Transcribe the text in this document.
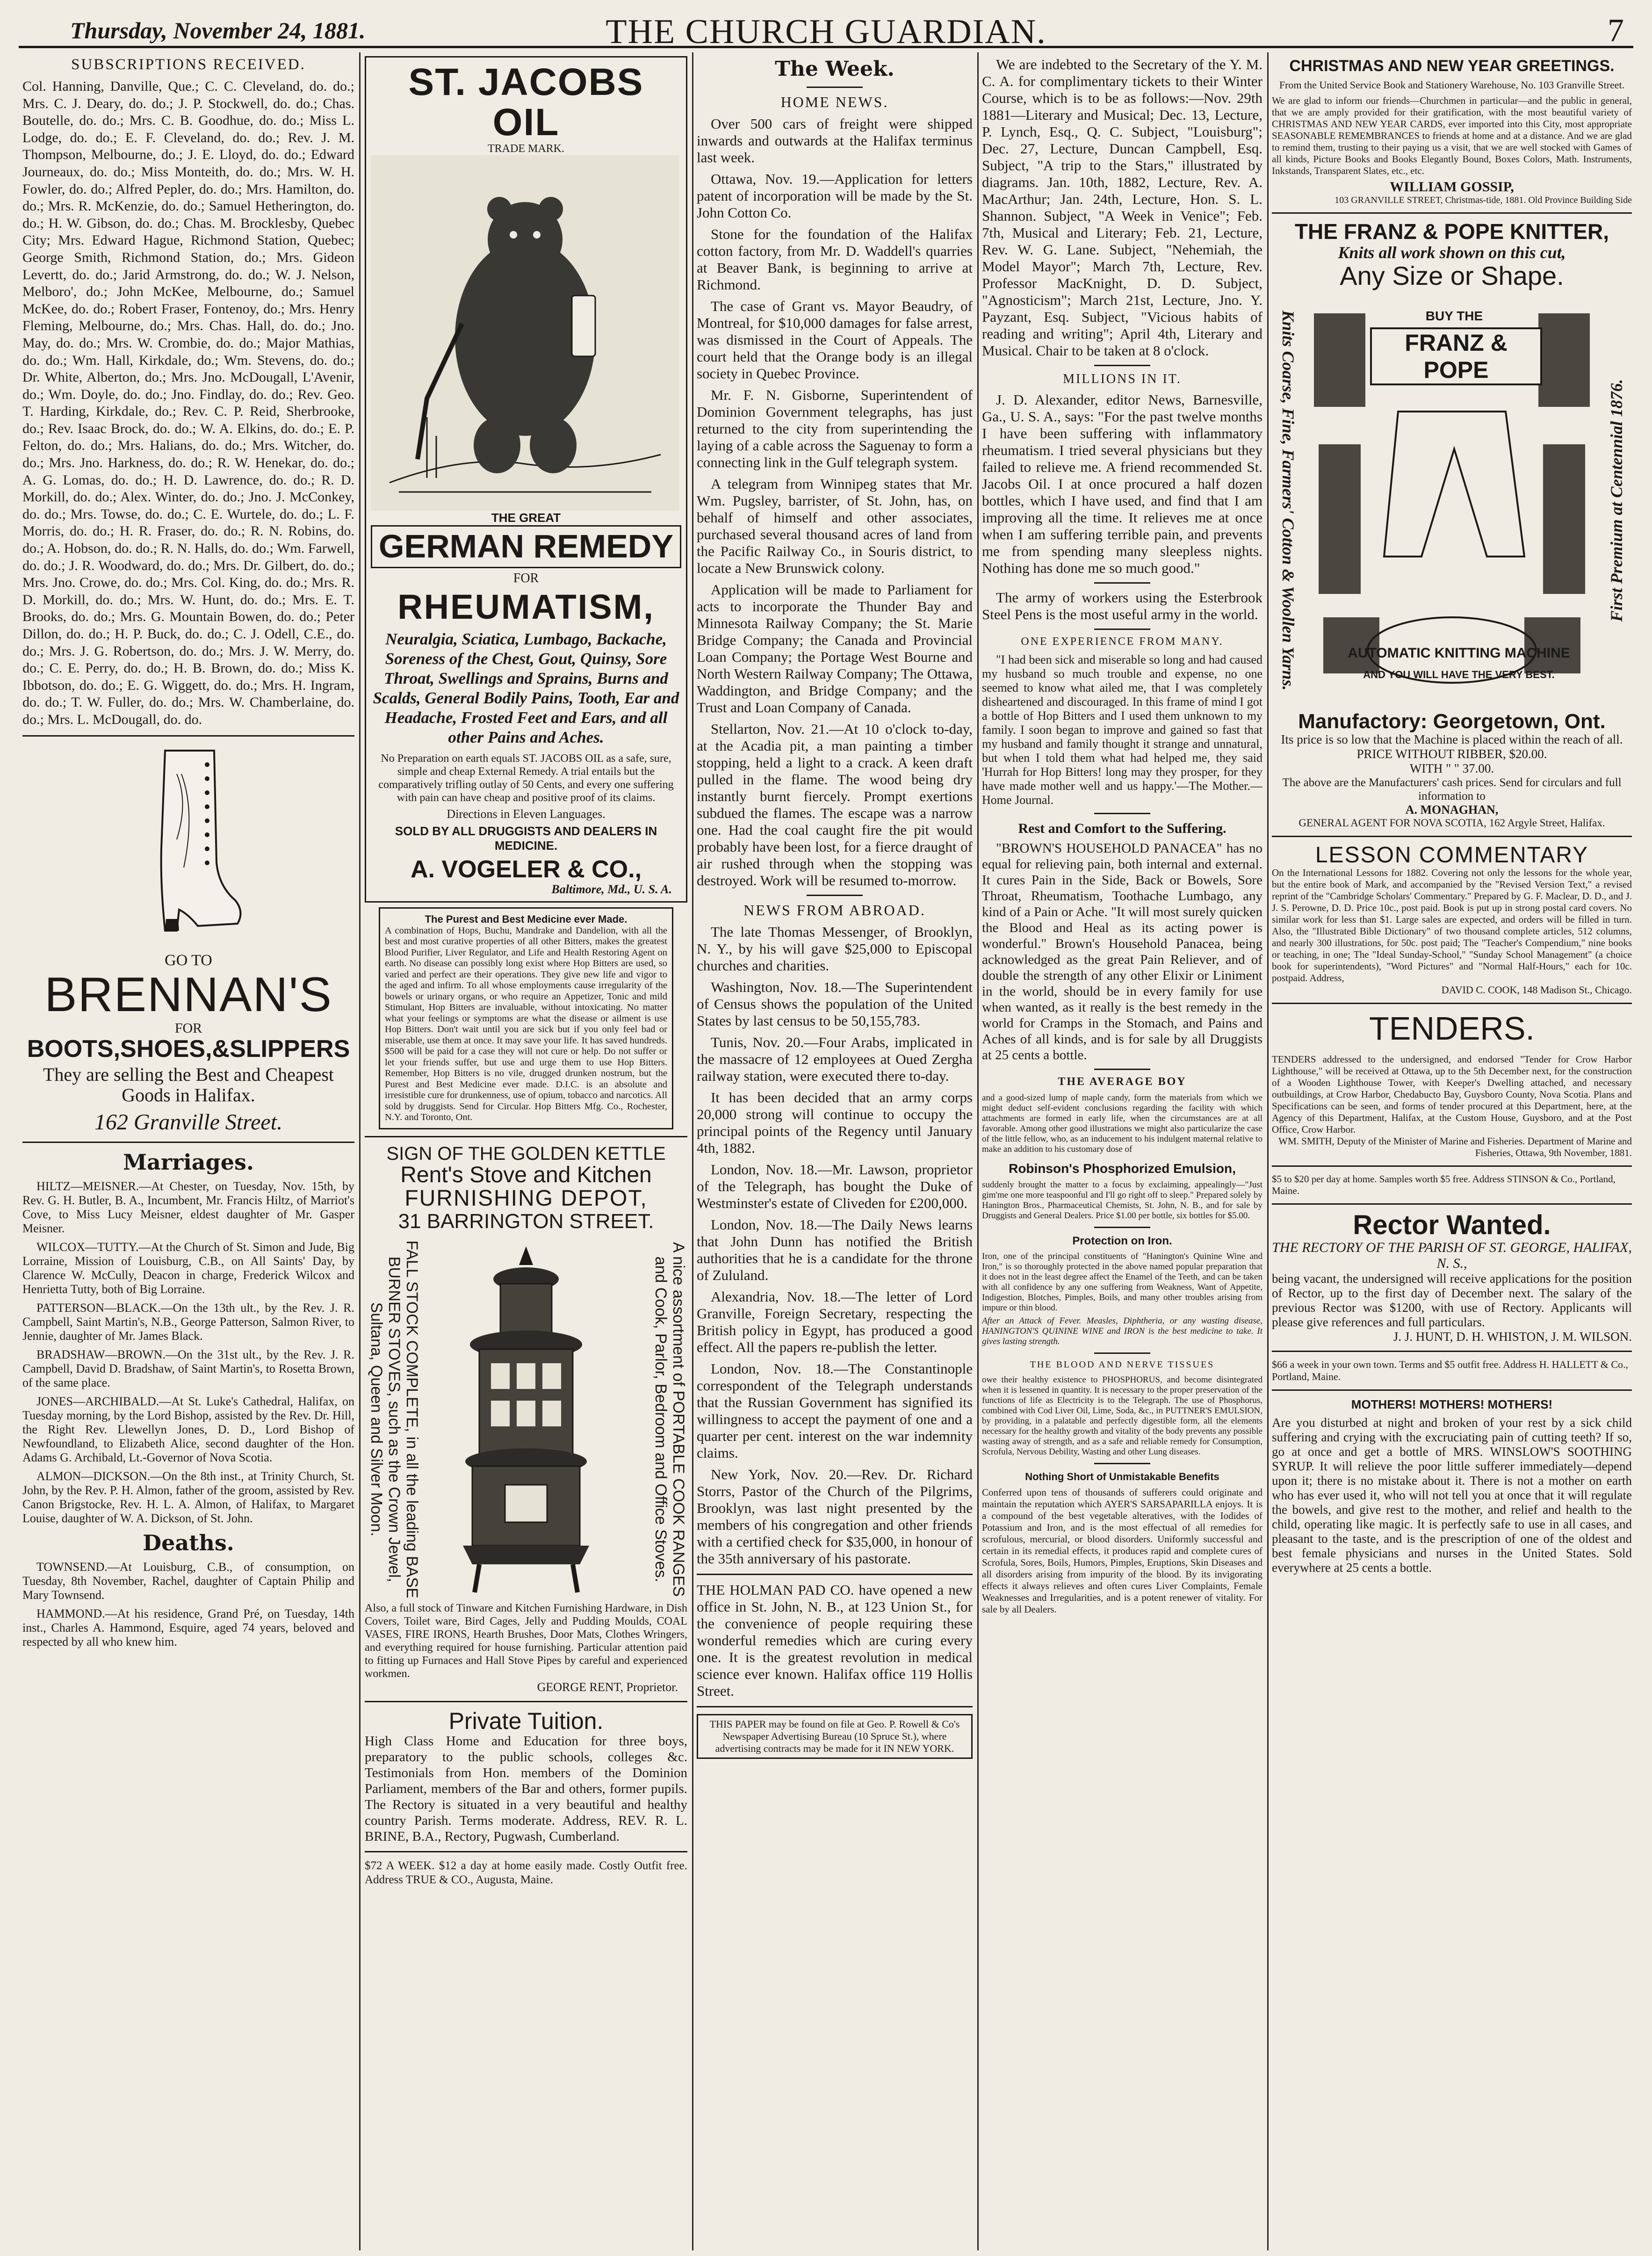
Thursday, November 24, 1881.	THE CHURCH GUARDIAN.	7
SUBSCRIPTIONS RECEIVED.
Col. Hanning, Danville, Que.; C. C. Cleveland, do. do.; Mrs. C. J. Deary, do. do.; J. P. Stockwell, do. do.; Chas. Boutelle, do. do.; Mrs. C. B. Goodhue, do. do.; Miss L. Lodge, do. do.; E. F. Cleveland, do. do.; Rev. J. M. Thompson, Melbourne, do.; J. E. Lloyd, do. do.; Edward Journeaux, do. do.; Miss Monteith, do. do.; Mrs. W. H. Fowler, do. do.; Alfred Pepler, do. do.; Mrs. Hamilton, do. do.; Mrs. R. McKenzie, do. do.; Samuel Hetherington, do. do.; H. W. Gibson, do. do.; Chas. M. Brocklesby, Quebec City; Mrs. Edward Hague, Richmond Station, Quebec; George Smith, Richmond Station, do.; Mrs. Gideon Levertt, do. do.; Jarid Armstrong, do. do.; W. J. Nelson, Melboro', do.; John McKee, Melbourne, do.; Samuel McKee, do. do.; Robert Fraser, Fontenoy, do.; Mrs. Henry Fleming, Melbourne, do.; Mrs. Chas. Hall, do. do.; Jno. May, do. do.; Mrs. W. Crombie, do. do.; Major Mathias, do. do.; Wm. Hall, Kirkdale, do.; Wm. Stevens, do. do.; Dr. White, Alberton, do.; Mrs. Jno. McDougall, L'Avenir, do.; Wm. Doyle, do. do.; Jno. Findlay, do. do.; Rev. Geo. T. Harding, Kirkdale, do.; Rev. C. P. Reid, Sherbrooke, do.; Rev. Isaac Brock, do. do.; W. A. Elkins, do. do.; E. P. Felton, do. do.; Mrs. Halians, do. do.; Mrs. Witcher, do. do.; Mrs. Jno. Harkness, do. do.; R. W. Henekar, do. do.; A. G. Lomas, do. do.; H. D. Lawrence, do. do.; R. D. Morkill, do. do.; Alex. Winter, do. do.; Jno. J. McConkey, do. do.; Mrs. Towse, do. do.; C. E. Wurtele, do. do.; L. F. Morris, do. do.; H. R. Fraser, do. do.; R. N. Robins, do. do.; A. Hobson, do. do.; R. N. Halls, do. do.; Wm. Farwell, do. do.; J. R. Woodward, do. do.; Mrs. Dr. Gilbert, do. do.; Mrs. Jno. Crowe, do. do.; Mrs. Col. King, do. do.; Mrs. R. D. Morkill, do. do.; Mrs. W. Hunt, do. do.; Mrs. E. T. Brooks, do. do.; Mrs. G. Mountain Bowen, do. do.; Peter Dillon, do. do.; H. P. Buck, do. do.; C. J. Odell, C.E., do. do.; Mrs. J. G. Robertson, do. do.; Mrs. J. W. Merry, do. do.; C. E. Perry, do. do.; H. B. Brown, do. do.; Miss K. Ibbotson, do. do.; E. G. Wiggett, do. do.; Mrs. H. Ingram, do. do.; T. W. Fuller, do. do.; Mrs. W. Chamberlaine, do. do.; Mrs. L. McDougall, do. do.
GO TO
BRENNAN'S
FOR
BOOTS,SHOES,&SLIPPERS
They are selling the Best and Cheapest Goods in Halifax.
162 Granville Street.
Marriages.

HILTZ—MEISNER.—At Chester, on Tuesday, Nov. 15th, by Rev. G. H. Butler, B. A., Incumbent, Mr. Francis Hiltz, of Marriot's Cove, to Miss Lucy Meisner, eldest daughter of Mr. Gasper Meisner.

WILCOX—TUTTY.—At the Church of St. Simon and Jude, Big Lorraine, Mission of Louisburg, C.B., on All Saints' Day, by Clarence W. McCully, Deacon in charge, Frederick Wilcox and Henrietta Tutty, both of Big Lorraine.

PATTERSON—BLACK.—On the 13th ult., by the Rev. J. R. Campbell, Saint Martin's, N.B., George Patterson, Salmon River, to Jennie, daughter of Mr. James Black.

BRADSHAW—BROWN.—On the 31st ult., by the Rev. J. R. Campbell, David D. Bradshaw, of Saint Martin's, to Rosetta Brown, of the same place.

JONES—ARCHIBALD.—At St. Luke's Cathedral, Halifax, on Tuesday morning, by the Lord Bishop, assisted by the Rev. Dr. Hill, the Right Rev. Llewellyn Jones, D. D., Lord Bishop of Newfoundland, to Elizabeth Alice, second daughter of the Hon. Adams G. Archibald, Lt.-Governor of Nova Scotia.

ALMON—DICKSON.—On the 8th inst., at Trinity Church, St. John, by the Rev. P. H. Almon, father of the groom, assisted by Rev. Canon Brigstocke, Rev. H. L. A. Almon, of Halifax, to Margaret Louise, daughter of W. A. Dickson, of St. John.

Deaths.

TOWNSEND.—At Louisburg, C.B., of consumption, on Tuesday, 8th November, Rachel, daughter of Captain Philip and Mary Townsend.

HAMMOND.—At his residence, Grand Pré, on Tuesday, 14th inst., Charles A. Hammond, Esquire, aged 74 years, beloved and respected by all who knew him.

ST. JACOBS OIL
TRADE MARK.
THE GREAT
GERMAN REMEDY
FOR
RHEUMATISM,
Neuralgia, Sciatica, Lumbago, Backache, Soreness of the Chest, Gout, Quinsy, Sore Throat, Swellings and Sprains, Burns and Scalds, General Bodily Pains, Tooth, Ear and Headache, Frosted Feet and Ears, and all other Pains and Aches.
No Preparation on earth equals ST. JACOBS OIL as a safe, sure, simple and cheap External Remedy. A trial entails but the comparatively trifling outlay of 50 Cents, and every one suffering with pain can have cheap and positive proof of its claims.
Directions in Eleven Languages.
SOLD BY ALL DRUGGISTS AND DEALERS IN MEDICINE.
A. VOGELER & CO.,
Baltimore, Md., U. S. A.
The Purest and Best Medicine ever Made.
A combination of Hops, Buchu, Mandrake and Dandelion, with all the best and most curative properties of all other Bitters, makes the greatest Blood Purifier, Liver Regulator, and Life and Health Restoring Agent on earth. No disease can possibly long exist where Hop Bitters are used, so varied and perfect are their operations. They give new life and vigor to the aged and infirm. To all whose employments cause irregularity of the bowels or urinary organs, or who require an Appetizer, Tonic and mild Stimulant, Hop Bitters are invaluable, without intoxicating. No matter what your feelings or symptoms are what the disease or ailment is use Hop Bitters. Don't wait until you are sick but if you only feel bad or miserable, use them at once. It may save your life. It has saved hundreds. $500 will be paid for a case they will not cure or help. Do not suffer or let your friends suffer, but use and urge them to use Hop Bitters. Remember, Hop Bitters is no vile, drugged drunken nostrum, but the Purest and Best Medicine ever made. D.I.C. is an absolute and irresistible cure for drunkenness, use of opium, tobacco and narcotics. All sold by druggists. Send for Circular. Hop Bitters Mfg. Co., Rochester, N.Y. and Toronto, Ont.
SIGN OF THE GOLDEN KETTLE
Rent's Stove and Kitchen
FURNISHING DEPOT,
31 BARRINGTON STREET.
FALL STOCK COMPLETE, in all the leading BASE BURNER STOVES, such as the Crown Jewel, Sultana, Queen and Silver Moon.	A nice assortment of PORTABLE COOK RANGES and Cook, Parlor, Bedroom and Office Stoves.
Also, a full stock of Tinware and Kitchen Furnishing Hardware, in Dish Covers, Toilet ware, Bird Cages, Jelly and Pudding Moulds, COAL VASES, FIRE IRONS, Hearth Brushes, Door Mats, Clothes Wringers, and everything required for house furnishing. Particular attention paid to fitting up Furnaces and Hall Stove Pipes by careful and experienced workmen.
GEORGE RENT, Proprietor.
Private Tuition.
High Class Home and Education for three boys, preparatory to the public schools, colleges &c. Testimonials from Hon. members of the Dominion Parliament, members of the Bar and others, former pupils. The Rectory is situated in a very beautiful and healthy country Parish. Terms moderate. Address, REV. R. L. BRINE, B.A., Rectory, Pugwash, Cumberland.
$72 A WEEK. $12 a day at home easily made. Costly Outfit free. Address TRUE & CO., Augusta, Maine.
The Week.
HOME NEWS.

Over 500 cars of freight were shipped inwards and outwards at the Halifax terminus last week.

Ottawa, Nov. 19.—Application for letters patent of incorporation will be made by the St. John Cotton Co.

Stone for the foundation of the Halifax cotton factory, from Mr. D. Waddell's quarries at Beaver Bank, is beginning to arrive at Richmond.

The case of Grant vs. Mayor Beaudry, of Montreal, for $10,000 damages for false arrest, was dismissed in the Court of Appeals. The court held that the Orange body is an illegal society in Quebec Province.

Mr. F. N. Gisborne, Superintendent of Dominion Government telegraphs, has just returned to the city from superintending the laying of a cable across the Saguenay to form a connecting link in the Gulf telegraph system.

A telegram from Winnipeg states that Mr. Wm. Pugsley, barrister, of St. John, has, on behalf of himself and other associates, purchased several thousand acres of land from the Pacific Railway Co., in Souris district, to locate a New Brunswick colony.

Application will be made to Parliament for acts to incorporate the Thunder Bay and Minnesota Railway Company; the St. Marie Bridge Company; the Canada and Provincial Loan Company; the Portage West Bourne and North Western Railway Company; The Ottawa, Waddington, and Bridge Company; and the Trust and Loan Company of Canada.

Stellarton, Nov. 21.—At 10 o'clock to-day, at the Acadia pit, a man painting a timber stopping, held a light to a crack. A keen draft pulled in the flame. The wood being dry instantly burnt fiercely. Prompt exertions subdued the flames. The escape was a narrow one. Had the coal caught fire the pit would probably have been lost, for a fierce draught of air rushed through when the stopping was destroyed. Work will be resumed to-morrow.

NEWS FROM ABROAD.

The late Thomas Messenger, of Brooklyn, N. Y., by his will gave $25,000 to Episcopal churches and charities.

Washington, Nov. 18.—The Superintendent of Census shows the population of the United States by last census to be 50,155,783.

Tunis, Nov. 20.—Four Arabs, implicated in the massacre of 12 employees at Oued Zergha railway station, were executed there to-day.

It has been decided that an army corps 20,000 strong will continue to occupy the principal points of the Regency until January 4th, 1882.

London, Nov. 18.—Mr. Lawson, proprietor of the Telegraph, has bought the Duke of Westminster's estate of Cliveden for £200,000.

London, Nov. 18.—The Daily News learns that John Dunn has notified the British authorities that he is a candidate for the throne of Zululand.

Alexandria, Nov. 18.—The letter of Lord Granville, Foreign Secretary, respecting the British policy in Egypt, has produced a good effect. All the papers re-publish the letter.

London, Nov. 18.—The Constantinople correspondent of the Telegraph understands that the Russian Government has signified its willingness to accept the payment of one and a quarter per cent. interest on the war indemnity claims.

New York, Nov. 20.—Rev. Dr. Richard Storrs, Pastor of the Church of the Pilgrims, Brooklyn, was last night presented by the members of his congregation and other friends with a certified check for $35,000, in honour of the 35th anniversary of his pastorate.

THE HOLMAN PAD CO. have opened a new office in St. John, N. B., at 123 Union St., for the convenience of people requiring these wonderful remedies which are curing every one. It is the greatest revolution in medical science ever known. Halifax office 119 Hollis Street.
THIS PAPER may be found on file at Geo. P. Rowell & Co's Newspaper Advertising Bureau (10 Spruce St.), where advertising contracts may be made for it IN NEW YORK.

We are indebted to the Secretary of the Y. M. C. A. for complimentary tickets to their Winter Course, which is to be as follows:—Nov. 29th 1881—Literary and Musical; Dec. 13, Lecture, P. Lynch, Esq., Q. C. Subject, "Louisburg"; Dec. 27, Lecture, Duncan Campbell, Esq. Subject, "A trip to the Stars," illustrated by diagrams. Jan. 10th, 1882, Lecture, Rev. A. MacArthur; Jan. 24th, Lecture, Hon. S. L. Shannon. Subject, "A Week in Venice"; Feb. 7th, Musical and Literary; Feb. 21, Lecture, Rev. W. G. Lane. Subject, "Nehemiah, the Model Mayor"; March 7th, Lecture, Rev. Professor MacKnight, D. D. Subject, "Agnosticism"; March 21st, Lecture, Jno. Y. Payzant, Esq. Subject, "Vicious habits of reading and writing"; April 4th, Literary and Musical. Chair to be taken at 8 o'clock.

MILLIONS IN IT.

J. D. Alexander, editor News, Barnesville, Ga., U. S. A., says: "For the past twelve months I have been suffering with inflammatory rheumatism. I tried several physicians but they failed to relieve me. A friend recommended St. Jacobs Oil. I at once procured a half dozen bottles, which I have used, and find that I am improving all the time. It relieves me at once when I am suffering terrible pain, and prevents me from spending many sleepless nights. Nothing has done me so much good."

The army of workers using the Esterbrook Steel Pens is the most useful army in the world.

ONE EXPERIENCE FROM MANY.

"I had been sick and miserable so long and had caused my husband so much trouble and expense, no one seemed to know what ailed me, that I was completely disheartened and discouraged. In this frame of mind I got a bottle of Hop Bitters and I used them unknown to my family. I soon began to improve and gained so fast that my husband and family thought it strange and unnatural, but when I told them what had helped me, they said 'Hurrah for Hop Bitters! long may they prosper, for they have made mother well and us happy.'—The Mother.—Home Journal.

Rest and Comfort to the Suffering.

"BROWN'S HOUSEHOLD PANACEA" has no equal for relieving pain, both internal and external. It cures Pain in the Side, Back or Bowels, Sore Throat, Rheumatism, Toothache Lumbago, any kind of a Pain or Ache. "It will most surely quicken the Blood and Heal as its acting power is wonderful." Brown's Household Panacea, being acknowledged as the great Pain Reliever, and of double the strength of any other Elixir or Liniment in the world, should be in every family for use when wanted, as it really is the best remedy in the world for Cramps in the Stomach, and Pains and Aches of all kinds, and is for sale by all Druggists at 25 cents a bottle.

THE AVERAGE BOY
and a good-sized lump of maple candy, form the materials from which we might deduct self-evident conclusions regarding the facility with which attachments are formed in early life, when the circumstances are at all favorable. Among other good illustrations we might also particularize the case of the little fellow, who, as an inducement to his indulgent maternal relative to make an addition to his customary dose of
Robinson's Phosphorized Emulsion,
suddenly brought the matter to a focus by exclaiming, appealingly—"Just gim'me one more teaspoonful and I'll go right off to sleep." Prepared solely by Hanington Bros., Pharmaceutical Chemists, St. John, N. B., and for sale by Druggists and General Dealers. Price $1.00 per bottle, six bottles for $5.00.
Protection on Iron.
Iron, one of the principal constituents of "Hanington's Quinine Wine and Iron," is so thoroughly protected in the above named popular preparation that it does not in the least degree affect the Enamel of the Teeth, and can be taken with all confidence by any one suffering from Weakness, Want of Appetite, Indigestion, Blotches, Pimples, Boils, and many other troubles arising from impure or thin blood.
After an Attack of Fever. Measles, Diphtheria, or any wasting disease, HANINGTON'S QUININE WINE and IRON is the best medicine to take. It gives lasting strength.
THE BLOOD AND NERVE TISSUES
owe their healthy existence to PHOSPHORUS, and become disintegrated when it is lessened in quantity. It is necessary to the proper preservation of the functions of life as Electricity is to the Telegraph. The use of Phosphorus, combined with Cod Liver Oil, Lime, Soda, &c., in PUTTNER'S EMULSION, by providing, in a palatable and perfectly digestible form, all the elements necessary for the healthy growth and vitality of the body prevents any possible wasting away of strength, and as a safe and reliable remedy for Consumption, Scrofula, Nervous Debility, Wasting and other Lung diseases.
Nothing Short of Unmistakable Benefits
Conferred upon tens of thousands of sufferers could originate and maintain the reputation which AYER'S SARSAPARILLA enjoys. It is a compound of the best vegetable alteratives, with the Iodides of Potassium and Iron, and is the most effectual of all remedies for scrofulous, mercurial, or blood disorders. Uniformly successful and certain in its remedial effects, it produces rapid and complete cures of Scrofula, Sores, Boils, Humors, Pimples, Eruptions, Skin Diseases and all disorders arising from impurity of the blood. By its invigorating effects it always relieves and often cures Liver Complaints, Female Weaknesses and Irregularities, and is a potent renewer of vitality. For sale by all Dealers.
CHRISTMAS AND NEW YEAR GREETINGS.
From the United Service Book and Stationery Warehouse, No. 103 Granville Street.
We are glad to inform our friends—Churchmen in particular—and the public in general, that we are amply provided for their gratification, with the most beautiful variety of CHRISTMAS AND NEW YEAR CARDS, ever imported into this City, most appropriate SEASONABLE REMEMBRANCES to friends at home and at a distance. And we are glad to remind them, trusting to their paying us a visit, that we are well stocked with Games of all kinds, Picture Books and Books Elegantly Bound, Boxes Colors, Math. Instruments, Inkstands, Transparent Slates, etc., etc.
WILLIAM GOSSIP,
103 GRANVILLE STREET, Christmas-tide, 1881. Old Province Building Side
THE FRANZ & POPE KNITTER,
Knits all work shown on this cut,
Any Size or Shape.
Knits Coarse, Fine, Farmers' Cotton & Woollen Yarns.	First Premium at Centennial 1876.
BUY THE
FRANZ & POPE
AUTOMATIC KNITTING MACHINE
AND YOU WILL HAVE THE VERY BEST.
Manufactory: Georgetown, Ont.
Its price is so low that the Machine is placed within the reach of all.
PRICE WITHOUT RIBBER, $20.00.
WITH " " 37.00.
The above are the Manufacturers' cash prices. Send for circulars and full information to
A. MONAGHAN,
GENERAL AGENT FOR NOVA SCOTIA, 162 Argyle Street, Halifax.
LESSON COMMENTARY
On the International Lessons for 1882. Covering not only the lessons for the whole year, but the entire book of Mark, and accompanied by the "Revised Version Text," a revised reprint of the "Cambridge Scholars' Commentary." Prepared by G. F. Maclear, D. D., and J. J. S. Perowne, D. D. Price 10c., post paid. Book is put up in strong postal card covers. No similar work for less than $1. Large sales are expected, and orders will be filled in turn. Also, the "Illustrated Bible Dictionary" of two thousand complete articles, 512 columns, and nearly 300 illustrations, for 50c. post paid; The "Teacher's Compendium," nine books or teaching, in one; The "Ideal Sunday-School," "Sunday School Management" (a choice book for superintendents), "Word Pictures" and "Normal Half-Hours," each for 10c. postpaid. Address,
DAVID C. COOK, 148 Madison St., Chicago.
TENDERS.
TENDERS addressed to the undersigned, and endorsed "Tender for Crow Harbor Lighthouse," will be received at Ottawa, up to the 5th December next, for the construction of a Wooden Lighthouse Tower, with Keeper's Dwelling attached, and necessary outbuildings, at Crow Harbor, Chedabucto Bay, Guysboro County, Nova Scotia. Plans and Specifications can be seen, and forms of tender procured at this Department, here, at the Agency of this Department, Halifax, at the Custom House, Guysboro, and at the Post Office, Crow Harbor.
WM. SMITH, Deputy of the Minister of Marine and Fisheries. Department of Marine and Fisheries, Ottawa, 9th November, 1881.
$5 to $20 per day at home. Samples worth $5 free. Address STINSON & Co., Portland, Maine.
Rector Wanted.
THE RECTORY OF THE PARISH OF ST. GEORGE, HALIFAX, N. S.,
being vacant, the undersigned will receive applications for the position of Rector, up to the first day of December next. The salary of the previous Rector was $1200, with use of Rectory. Applicants will please give references and full particulars.
J. J. HUNT, D. H. WHISTON, J. M. WILSON.
$66 a week in your own town. Terms and $5 outfit free. Address H. HALLETT & Co., Portland, Maine.
MOTHERS! MOTHERS! MOTHERS!
Are you disturbed at night and broken of your rest by a sick child suffering and crying with the excruciating pain of cutting teeth? If so, go at once and get a bottle of MRS. WINSLOW'S SOOTHING SYRUP. It will relieve the poor little sufferer immediately—depend upon it; there is no mistake about it. There is not a mother on earth who has ever used it, who will not tell you at once that it will regulate the bowels, and give rest to the mother, and relief and health to the child, operating like magic. It is perfectly safe to use in all cases, and pleasant to the taste, and is the prescription of one of the oldest and best female physicians and nurses in the United States. Sold everywhere at 25 cents a bottle.
